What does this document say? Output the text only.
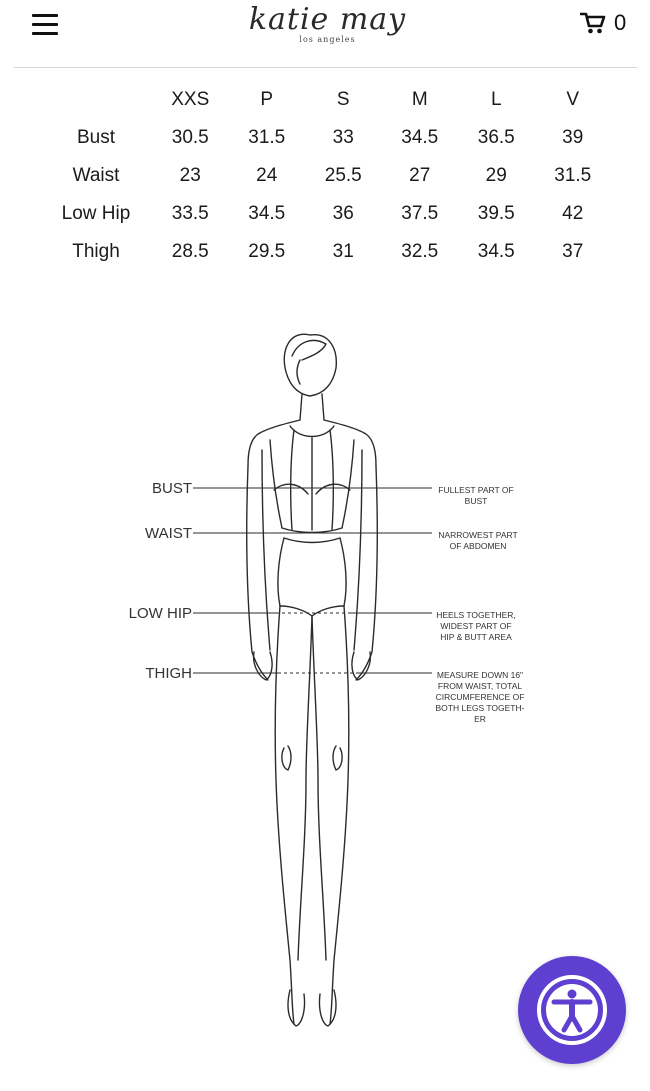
katie may
los angeles
0
	XXS	P	S	M	L	V
Bust	30.5	31.5	33	34.5	36.5	39
Waist	23	24	25.5	27	29	31.5
Low Hip	33.5	34.5	36	37.5	39.5	42
Thigh	28.5	29.5	31	32.5	34.5	37
BUST
WAIST
LOW HIP
THIGH
FULLEST PART OF
BUST
NARROWEST PART
OF ABDOMEN
HEELS TOGETHER,
WIDEST PART OF
HIP & BUTT AREA
MEASURE DOWN 16"
FROM WAIST, TOTAL
CIRCUMFERENCE OF
BOTH LEGS TOGETH-
ER
